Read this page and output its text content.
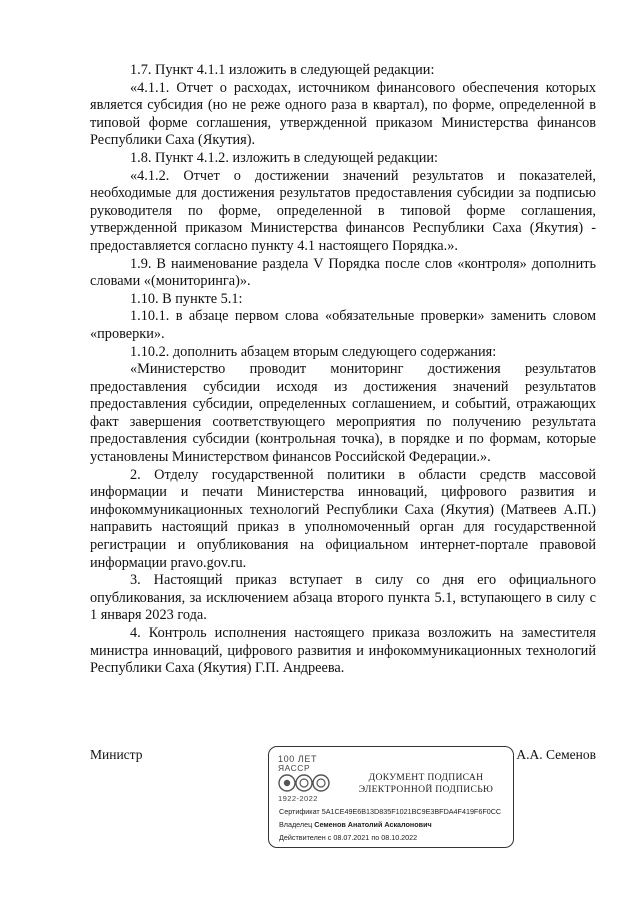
1.7. Пункт 4.1.1 изложить в следующей редакции:

«4.1.1. Отчет о расходах, источником финансового обеспечения которых является субсидия (но не реже одного раза в квартал), по форме, определенной в типовой форме соглашения, утвержденной приказом Министерства финансов Республики Саха (Якутия).

1.8. Пункт 4.1.2. изложить в следующей редакции:

«4.1.2. Отчет о достижении значений результатов и показателей, необходимые для достижения результатов предоставления субсидии за подписью руководителя по форме, определенной в типовой форме соглашения, утвержденной приказом Министерства финансов Республики Саха (Якутия) - предоставляется согласно пункту 4.1 настоящего Порядка.».

1.9. В наименование раздела V Порядка после слов «контроля» дополнить словами «(мониторинга)».

1.10. В пункте 5.1:

1.10.1. в абзаце первом слова «обязательные проверки» заменить словом «проверки».

1.10.2. дополнить абзацем вторым следующего содержания:

«Министерство проводит мониторинг достижения результатов предоставления субсидии исходя из достижения значений результатов предоставления субсидии, определенных соглашением, и событий, отражающих факт завершения соответствующего мероприятия по получению результата предоставления субсидии (контрольная точка), в порядке и по формам, которые установлены Министерством финансов Российской Федерации.».

2. Отделу государственной политики в области средств массовой информации и печати Министерства инноваций, цифрового развития и инфокоммуникационных технологий Республики Саха (Якутия) (Матвеев А.П.) направить настоящий приказ в уполномоченный орган для государственной регистрации и опубликования на официальном интернет-портале правовой информации pravo.gov.ru.

3. Настоящий приказ вступает в силу со дня его официального опубликования, за исключением абзаца второго пункта 5.1, вступающего в силу с 1 января 2023 года.

4. Контроль исполнения настоящего приказа возложить на заместителя министра инноваций, цифрового развития и инфокоммуникационных технологий Республики Саха (Якутия) Г.П. Андреева.

Министр	А.А. Семенов
100 ЛЕТ
ЯАССР
1922-2022
ДОКУМЕНТ ПОДПИСАН
ЭЛЕКТРОННОЙ ПОДПИСЬЮ
Сертификат 5A1CE49E6B13D835F1021BC9E3BFDA4F419F6F0CC
Владелец Семенов Анатолий Аскалонович
Действителен с 08.07.2021 по 08.10.2022
